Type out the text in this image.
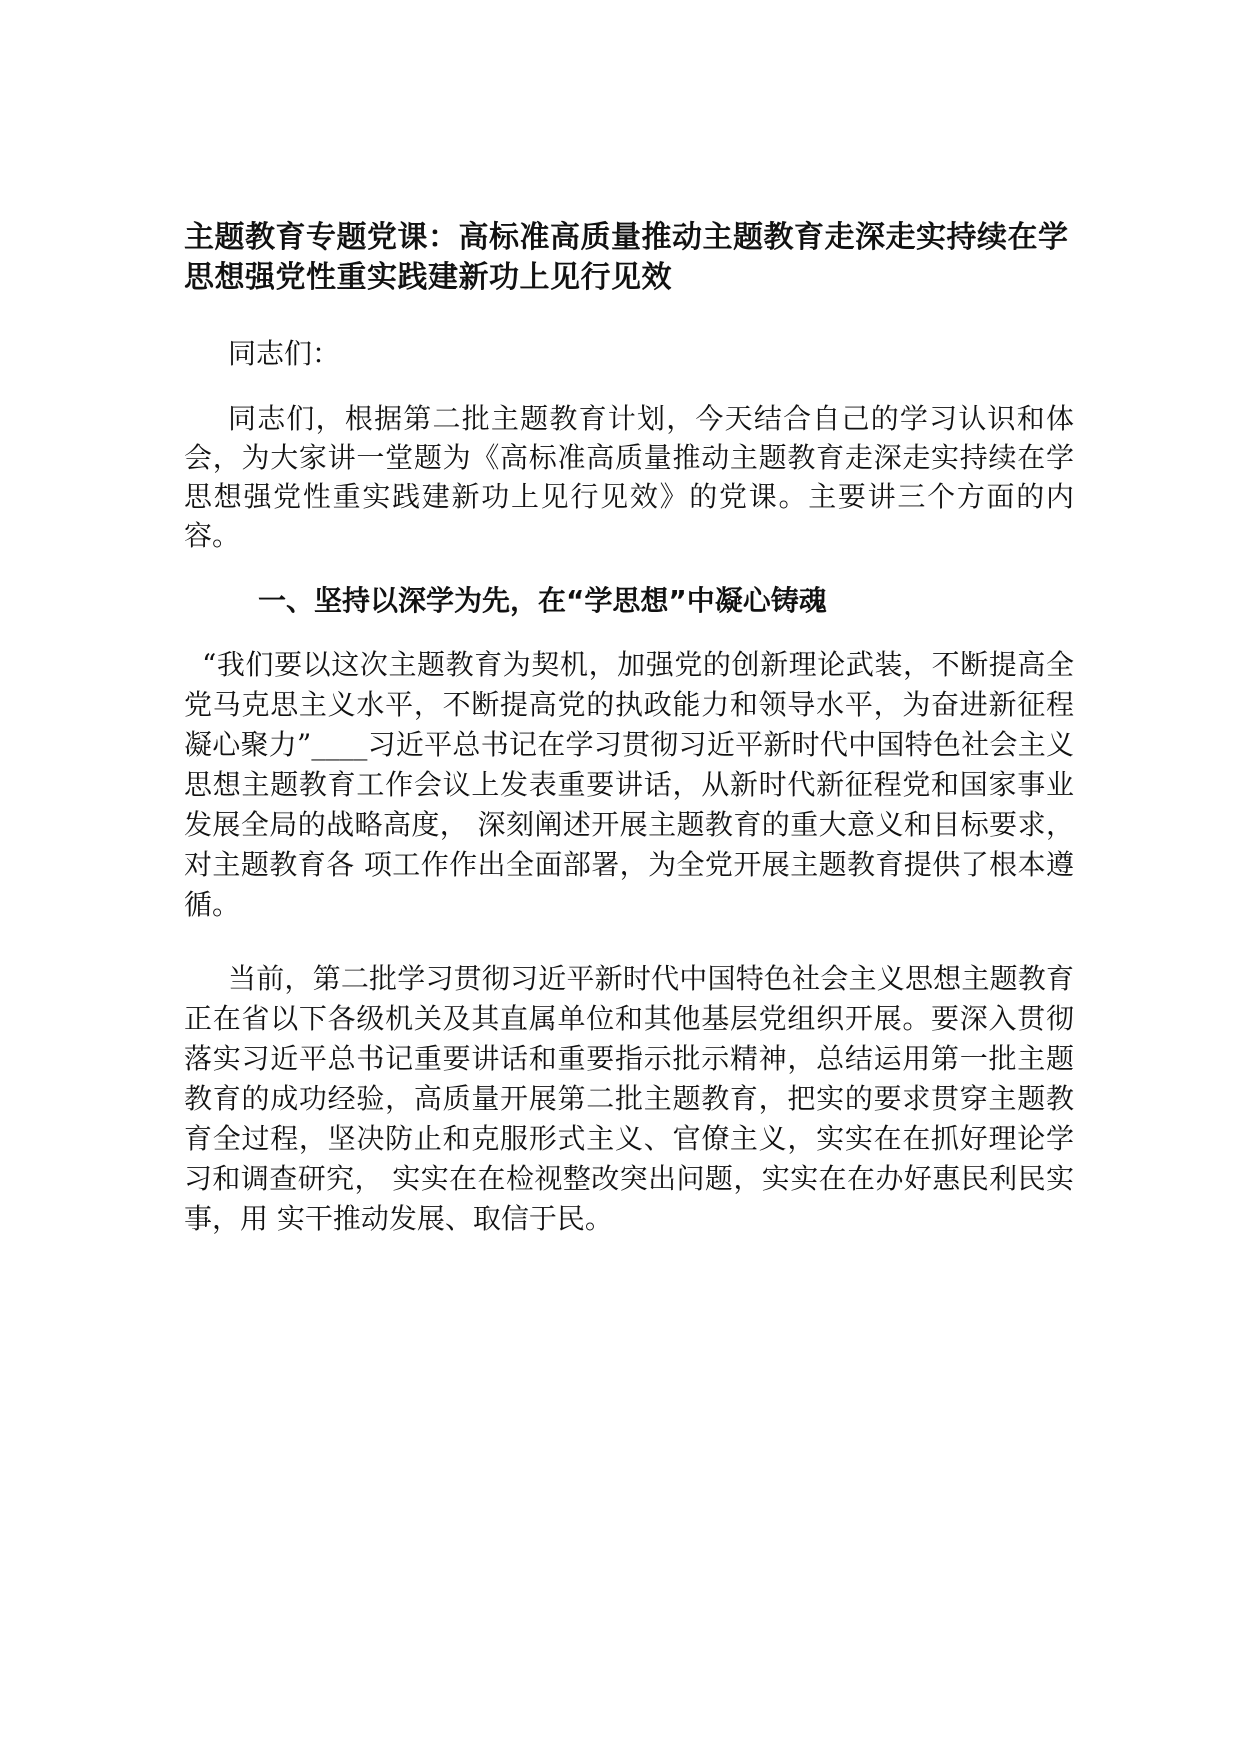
主题教育专题党课：高标准高质量推动主题教育走深走实持续在学思想强党性重实践建新功上见行见效

同志们：

同志们，根据第二批主题教育计划，今天结合自己的学习认识和体会，为大家讲一堂题为《高标准高质量推动主题教育走深走实持续在学思想强党性重实践建新功上见行见效》的党课。主要讲三个方面的内容。

一、坚持以深学为先，在“学思想”中凝心铸魂

“我们要以这次主题教育为契机，加强党的创新理论武装，不断提高全党马克思主义水平，不断提高党的执政能力和领导水平，为奋进新征程凝心聚力”____习近平总书记在学习贯彻习近平新时代中国特色社会主义思想主题教育工作会议上发表重要讲话，从新时代新征程党和国家事业发展全局的战略高度， 深刻阐述开展主题教育的重大意义和目标要求，对主题教育各 项工作作出全面部署，为全党开展主题教育提供了根本遵循。

当前，第二批学习贯彻习近平新时代中国特色社会主义思想主题教育正在省以下各级机关及其直属单位和其他基层党组织开展。要深入贯彻落实习近平总书记重要讲话和重要指示批示精神，总结运用第一批主题教育的成功经验，高质量开展第二批主题教育，把实的要求贯穿主题教育全过程，坚决防止和克服形式主义、官僚主义，实实在在抓好理论学习和调查研究， 实实在在检视整改突出问题，实实在在办好惠民利民实事，用 实干推动发展、取信于民。
